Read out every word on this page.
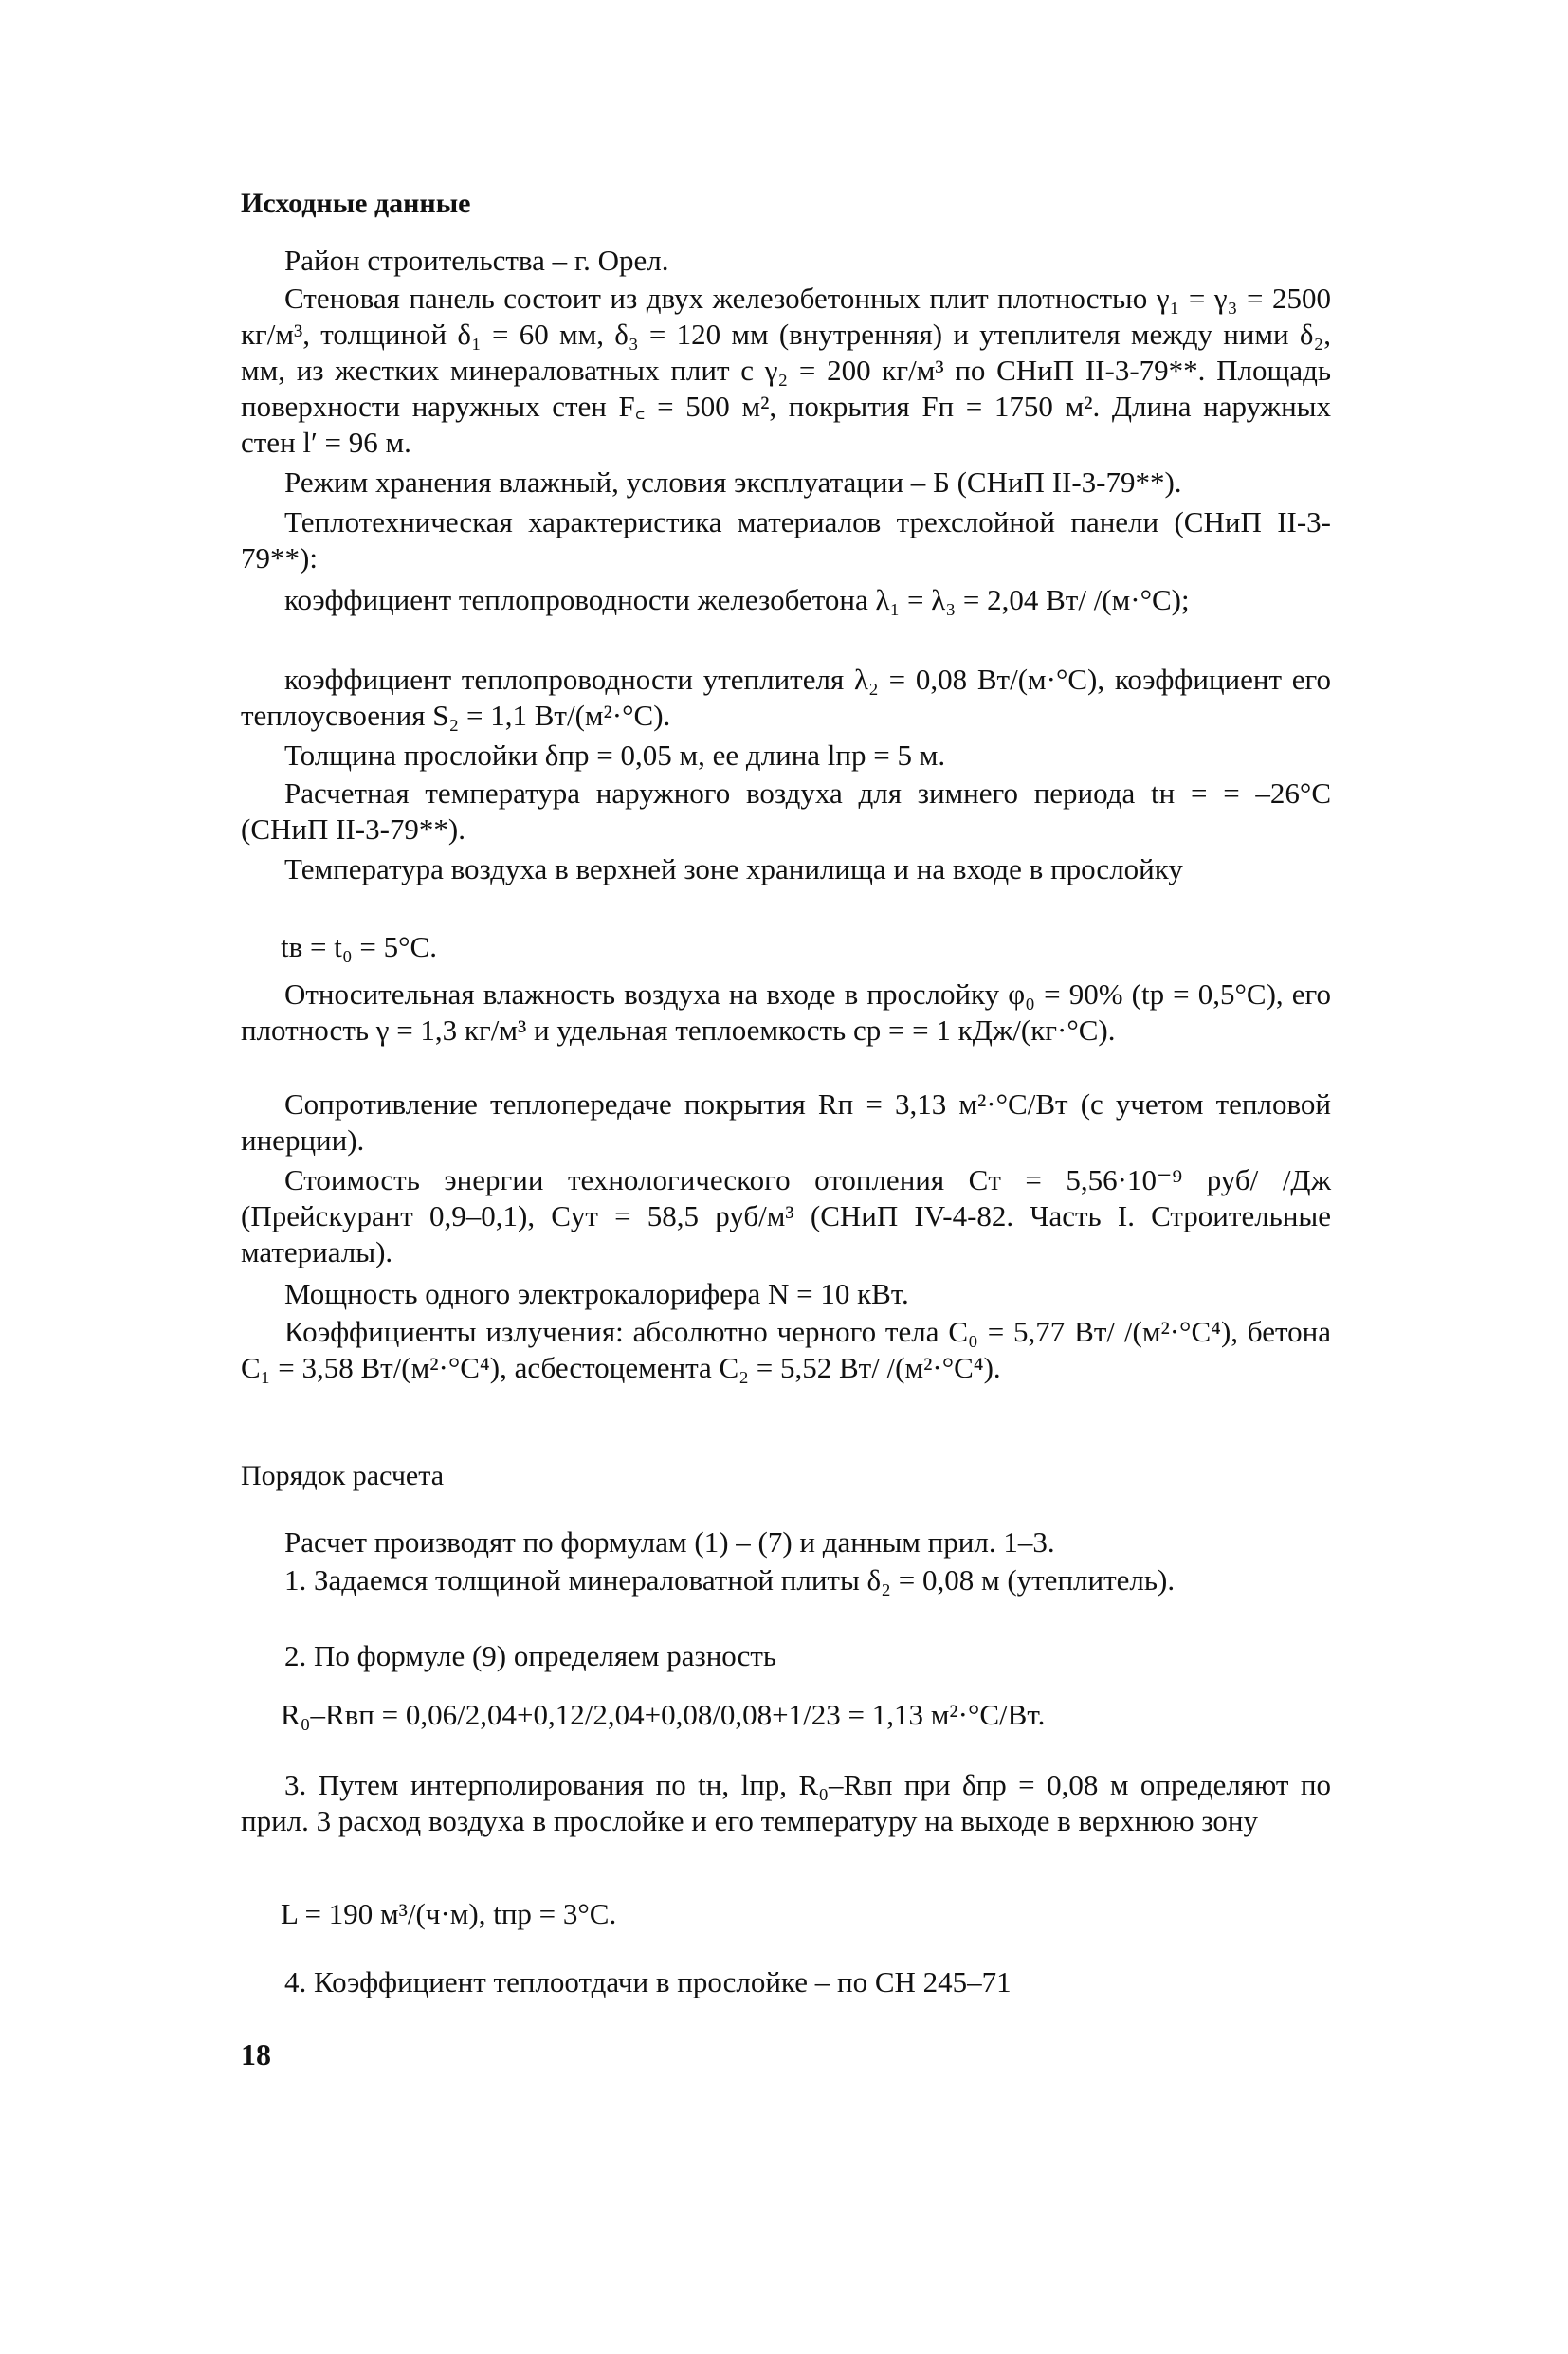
Исходные данные
Район строительства – г. Орел.
Стеновая панель состоит из двух железобетонных плит плотностью γ₁ = γ₃ = 2500 кг/м³, толщиной δ₁ = 60 мм, δ₃ = 120 мм (внутренняя) и утеплителя между ними δ₂, мм, из жестких минераловатных плит с γ₂ = 200 кг/м³ по СНиП II-3-79**. Площадь поверхности наружных стен F꜀ = 500 м², покрытия Fп = 1750 м². Длина наружных стен l′ = 96 м.
Режим хранения влажный, условия эксплуатации – Б (СНиП II-3-79**).
Теплотехническая характеристика материалов трехслойной панели (СНиП II-3-79**):
коэффициент теплопроводности железобетона λ₁ = λ₃ = 2,04 Вт/ /(м·°С);
коэффициент теплопроводности утеплителя λ₂ = 0,08 Вт/(м·°С), коэффициент его теплоусвоения S₂ = 1,1 Вт/(м²·°С).
Толщина прослойки δпр = 0,05 м, ее длина lпр = 5 м.
Расчетная температура наружного воздуха для зимнего периода tн = = –26°С (СНиП II-3-79**).
Температура воздуха в верхней зоне хранилища и на входе в прослойку
tв = t₀ = 5°С.
Относительная влажность воздуха на входе в прослойку φ₀ = 90% (tр = 0,5°С), его плотность γ = 1,3 кг/м³ и удельная теплоемкость cр = = 1 кДж/(кг·°С).
Сопротивление теплопередаче покрытия Rп = 3,13 м²·°С/Вт (с учетом тепловой инерции).
Стоимость энергии технологического отопления Cт = 5,56·10⁻⁹ руб/ /Дж (Прейскурант 0,9–0,1), Cут = 58,5 руб/м³ (СНиП IV-4-82. Часть I. Строительные материалы).
Мощность одного электрокалорифера N = 10 кВт.
Коэффициенты излучения: абсолютно черного тела C₀ = 5,77 Вт/ /(м²·°С⁴), бетона C₁ = 3,58 Вт/(м²·°С⁴), асбестоцемента C₂ = 5,52 Вт/ /(м²·°С⁴).
Порядок расчета
Расчет производят по формулам (1) – (7) и данным прил. 1–3.
1. Задаемся толщиной минераловатной плиты δ₂ = 0,08 м (утеплитель).
2. По формуле (9) определяем разность
R₀–Rвп = 0,06/2,04+0,12/2,04+0,08/0,08+1/23 = 1,13 м²·°С/Вт.
3. Путем интерполирования по tн, lпр, R₀–Rвп при δпр = 0,08 м определяют по прил. 3 расход воздуха в прослойке и его температуру на выходе в верхнюю зону
L = 190 м³/(ч·м), tпр = 3°С.
4. Коэффициент теплоотдачи в прослойке – по СН 245–71
18
